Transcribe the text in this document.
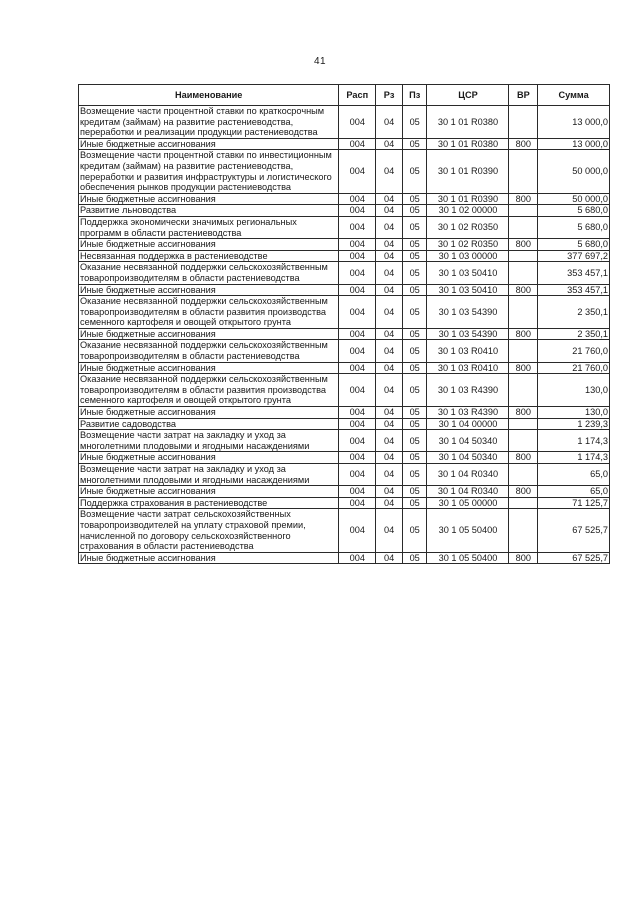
41
Наименование	Расп	Рз	Пз	ЦСР	ВР	Сумма
Возмещение части процентной ставки по краткосрочным кредитам (займам) на развитие растениеводства, переработки и реализации продукции растениеводства	004	04	05	30 1 01 R0380		13 000,0
Иные бюджетные ассигнования	004	04	05	30 1 01 R0380	800	13 000,0
Возмещение части процентной ставки по инвестиционным кредитам (займам) на развитие растениеводства, переработки и развития инфраструктуры и логистического обеспечения рынков продукции растениеводства	004	04	05	30 1 01 R0390		50 000,0
Иные бюджетные ассигнования	004	04	05	30 1 01 R0390	800	50 000,0
Развитие льноводства	004	04	05	30 1 02 00000		5 680,0
Поддержка экономически значимых региональных программ в области растениеводства	004	04	05	30 1 02 R0350		5 680,0
Иные бюджетные ассигнования	004	04	05	30 1 02 R0350	800	5 680,0
Несвязанная поддержка в растениеводстве	004	04	05	30 1 03 00000		377 697,2
Оказание несвязанной поддержки сельскохозяйственным товаропроизводителям в области растениеводства	004	04	05	30 1 03 50410		353 457,1
Иные бюджетные ассигнования	004	04	05	30 1 03 50410	800	353 457,1
Оказание несвязанной поддержки сельскохозяйственным товаропроизводителям в области развития производства семенного картофеля и овощей открытого грунта	004	04	05	30 1 03 54390		2 350,1
Иные бюджетные ассигнования	004	04	05	30 1 03 54390	800	2 350,1
Оказание несвязанной поддержки сельскохозяйственным товаропроизводителям в области растениеводства	004	04	05	30 1 03 R0410		21 760,0
Иные бюджетные ассигнования	004	04	05	30 1 03 R0410	800	21 760,0
Оказание несвязанной поддержки сельскохозяйственным товаропроизводителям в области развития производства семенного картофеля и овощей открытого грунта	004	04	05	30 1 03 R4390		130,0
Иные бюджетные ассигнования	004	04	05	30 1 03 R4390	800	130,0
Развитие садоводства	004	04	05	30 1 04 00000		1 239,3
Возмещение части затрат на закладку и уход за многолетними плодовыми и ягодными насаждениями	004	04	05	30 1 04 50340		1 174,3
Иные бюджетные ассигнования	004	04	05	30 1 04 50340	800	1 174,3
Возмещение части затрат на закладку и уход за многолетними плодовыми и ягодными насаждениями	004	04	05	30 1 04 R0340		65,0
Иные бюджетные ассигнования	004	04	05	30 1 04 R0340	800	65,0
Поддержка страхования в растениеводстве	004	04	05	30 1 05 00000		71 125,7
Возмещение части затрат сельскохозяйственных товаропроизводителей на уплату страховой премии, начисленной по договору сельскохозяйственного страхования в области растениеводства	004	04	05	30 1 05 50400		67 525,7
Иные бюджетные ассигнования	004	04	05	30 1 05 50400	800	67 525,7
